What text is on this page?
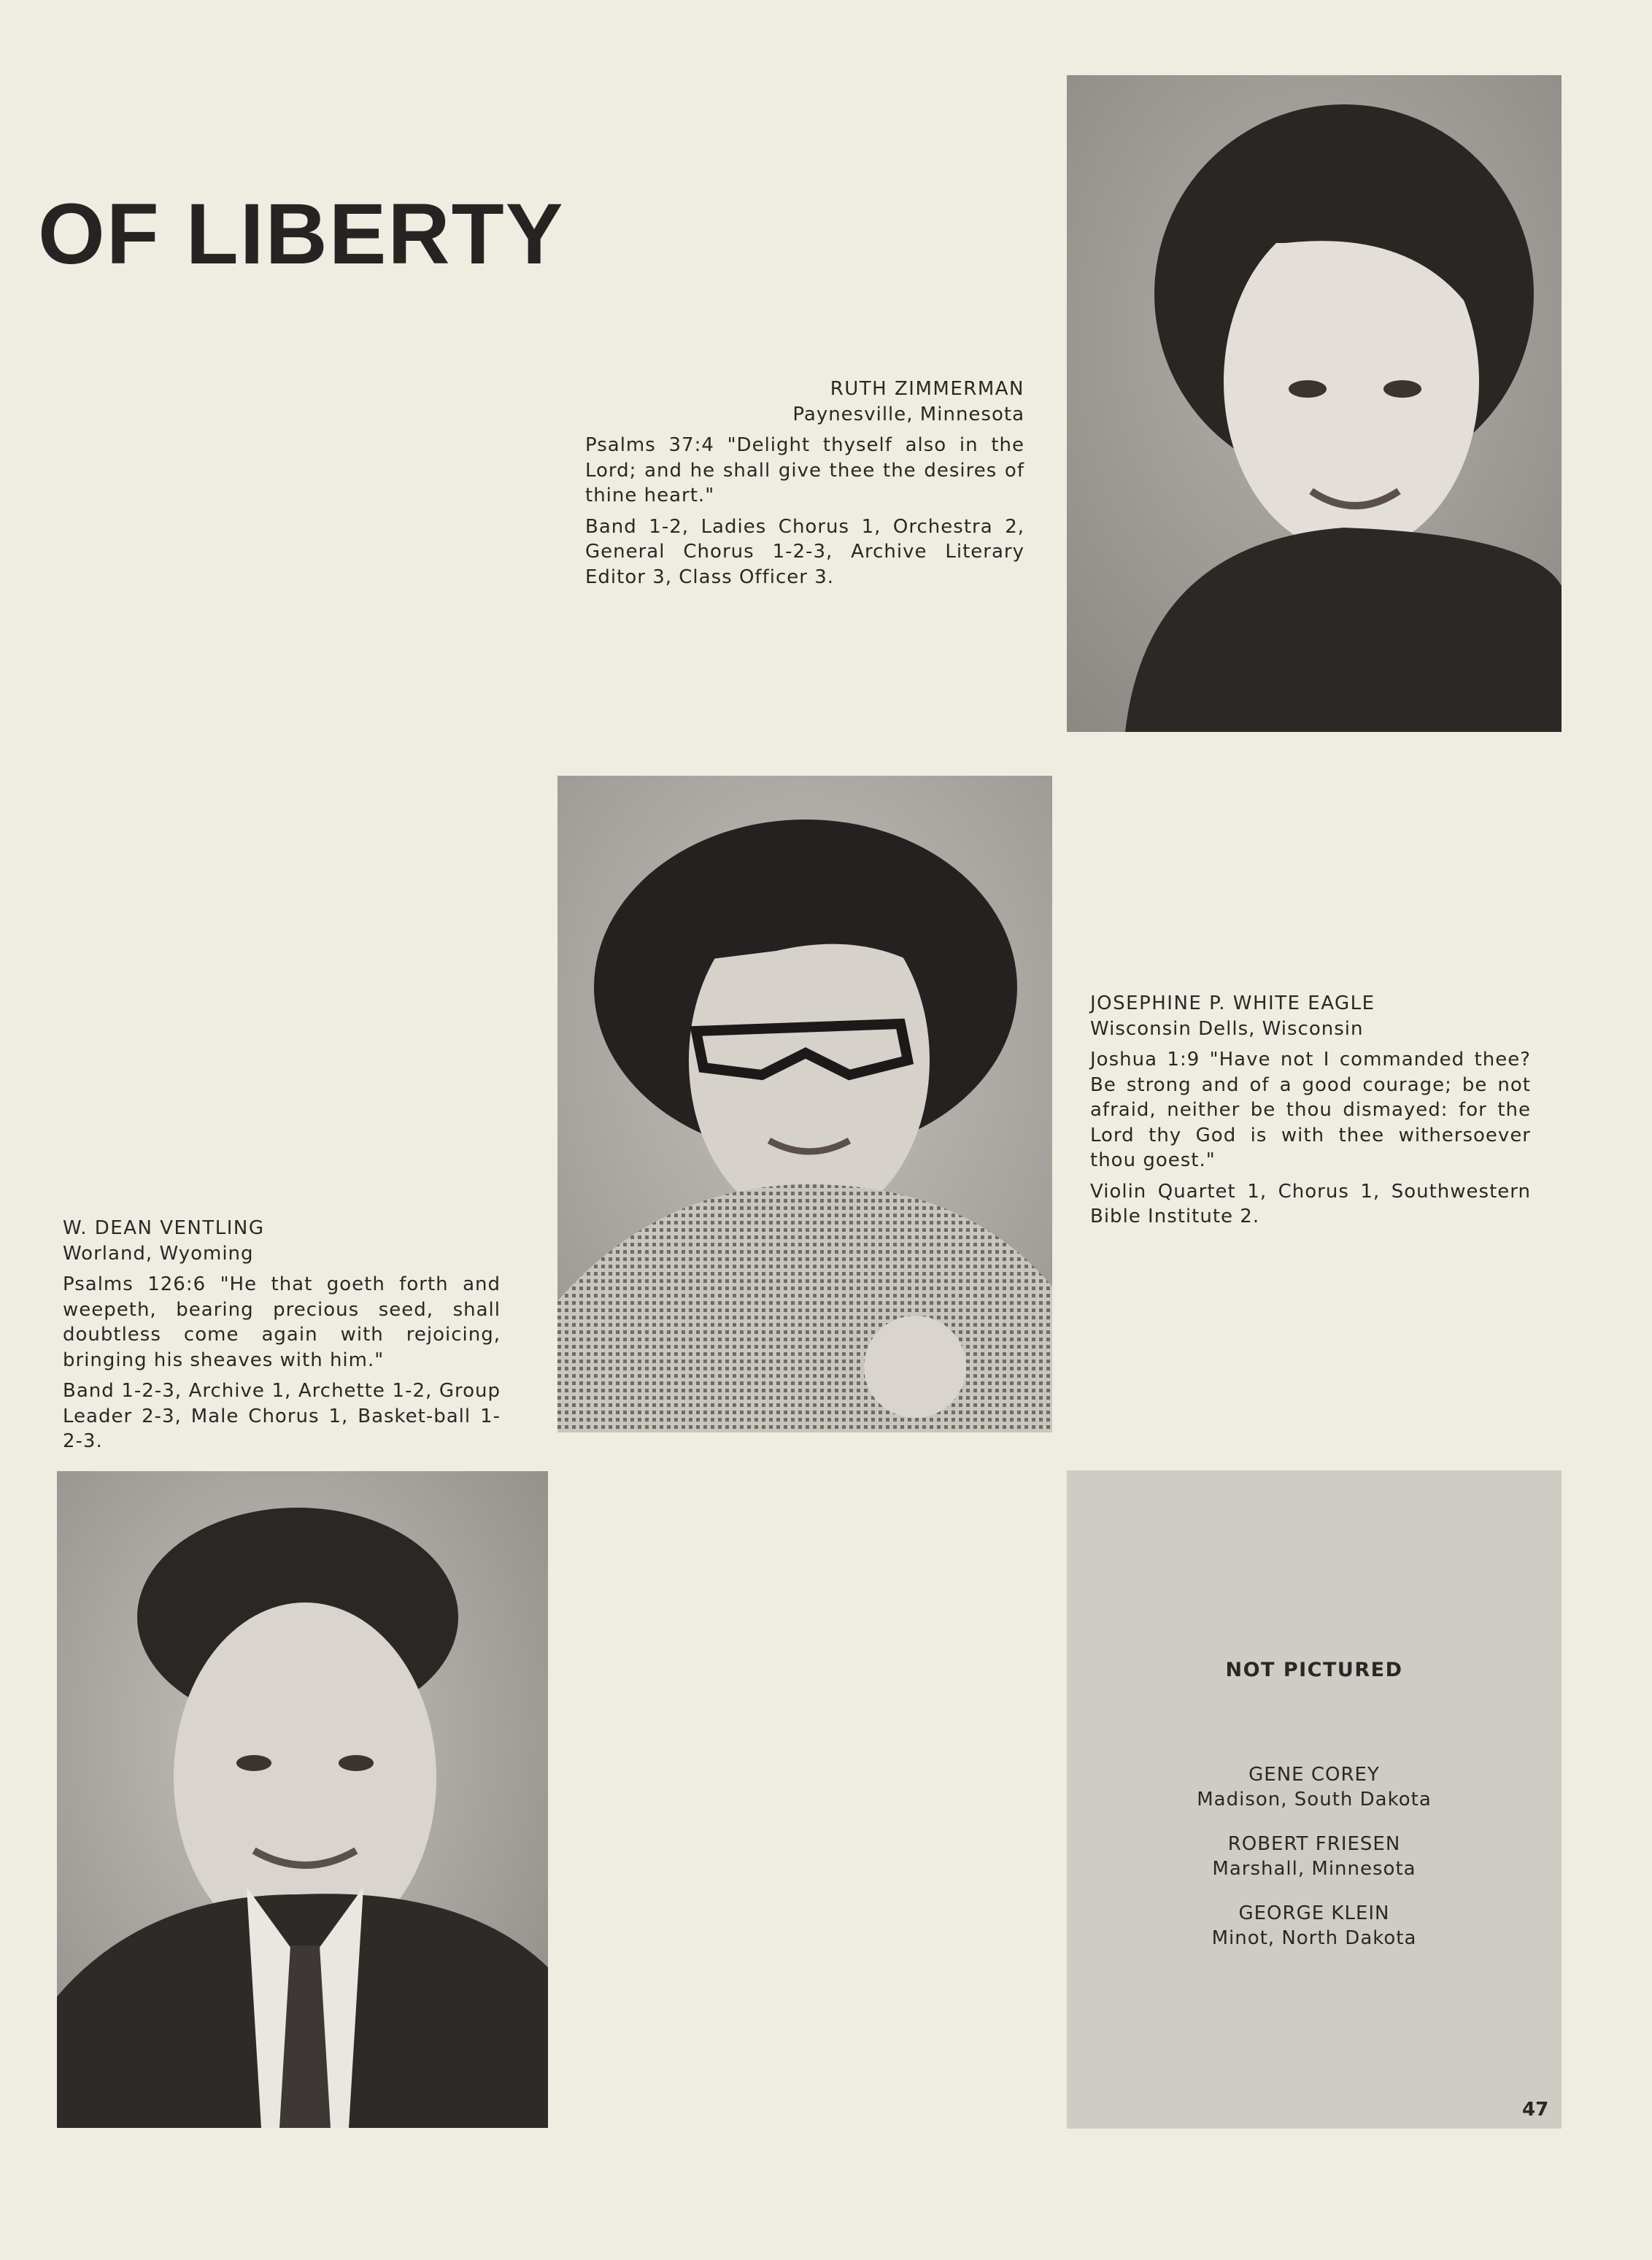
OF LIBERTY

RUTH ZIMMERMAN

Paynesville, Minnesota

Psalms 37:4 "Delight thyself also in the Lord; and he shall give thee the desires of thine heart."

Band 1-2, Ladies Chorus 1, Orchestra 2, General Chorus 1-2-3, Archive Literary Editor 3, Class Officer 3.

JOSEPHINE P. WHITE EAGLE

Wisconsin Dells, Wisconsin

Joshua 1:9 "Have not I commanded thee? Be strong and of a good courage; be not afraid, neither be thou dismayed: for the Lord thy God is with thee withersoever thou goest."

Violin Quartet 1, Chorus 1, Southwestern Bible Institute 2.

W. DEAN VENTLING

Worland, Wyoming

Psalms 126:6 "He that goeth forth and weepeth, bearing precious seed, shall doubtless come again with rejoicing, bringing his sheaves with him."

Band 1-2-3, Archive 1, Archette 1-2, Group Leader 2-3, Male Chorus 1, Basket-ball 1-2-3.

NOT PICTURED
GENE COREY
Madison, South Dakota
ROBERT FRIESEN
Marshall, Minnesota
GEORGE KLEIN
Minot, North Dakota
47
